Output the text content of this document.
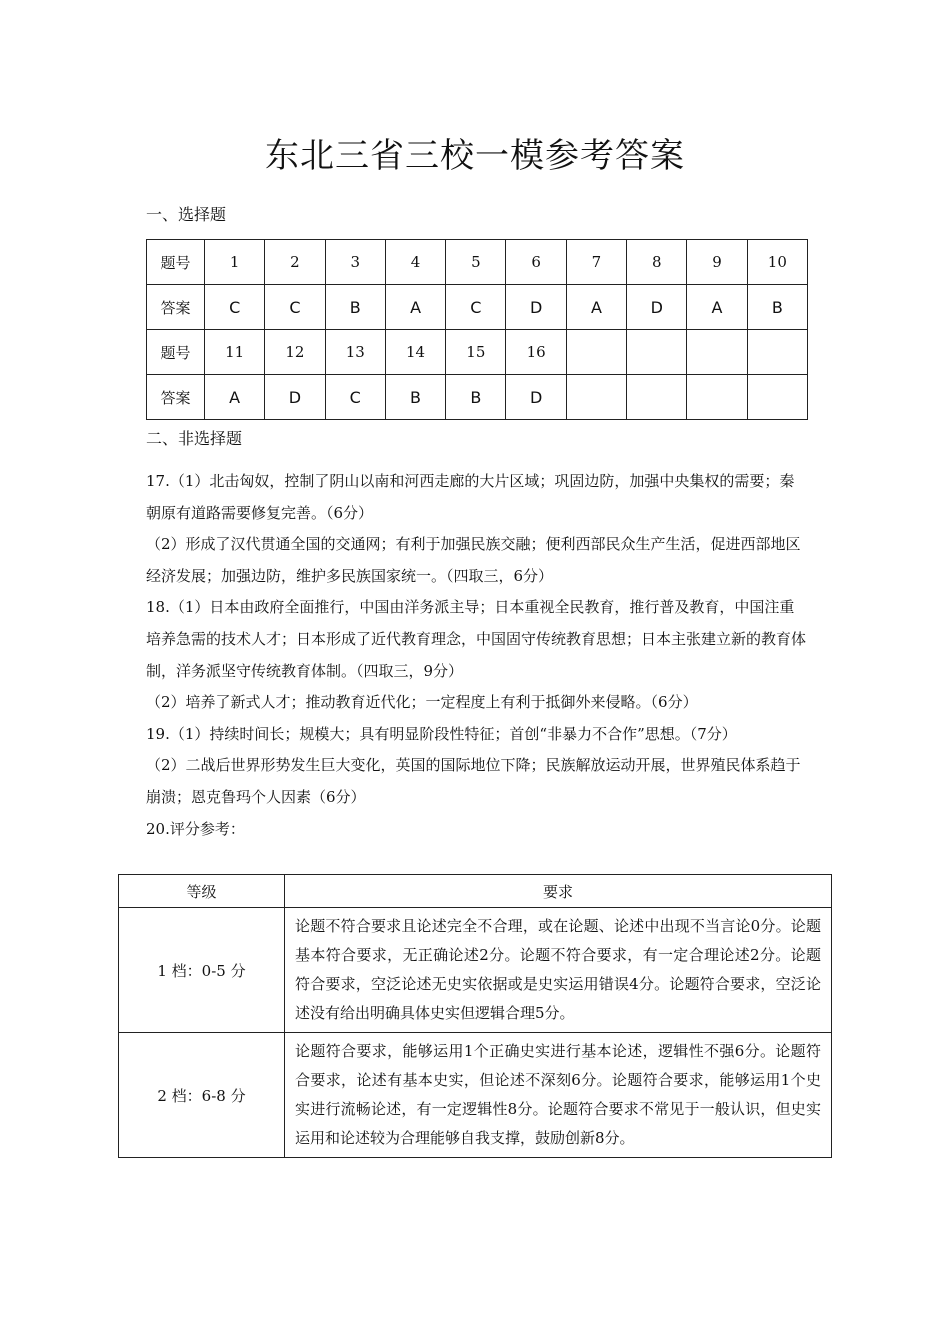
东北三省三校一模参考答案
一、选择题
题号	1	2	3	4	5	6	7	8	9	10
答案	C	C	B	A	C	D	A	D	A	B
题号	11	12	13	14	15	16				
答案	A	D	C	B	B	D				
二、非选择题

17.（1）北击匈奴，控制了阴山以南和河西走廊的大片区域；巩固边防，加强中央集权的需要；秦朝原有道路需要修复完善。（6分）

（2）形成了汉代贯通全国的交通网；有利于加强民族交融；便利西部民众生产生活，促进西部地区经济发展；加强边防，维护多民族国家统一。（四取三，6分）

18.（1）日本由政府全面推行，中国由洋务派主导；日本重视全民教育，推行普及教育，中国注重培养急需的技术人才；日本形成了近代教育理念，中国固守传统教育思想；日本主张建立新的教育体制，洋务派坚守传统教育体制。（四取三，9分）

（2）培养了新式人才；推动教育近代化；一定程度上有利于抵御外来侵略。（6分）

19.（1）持续时间长；规模大；具有明显阶段性特征；首创“非暴力不合作”思想。（7分）

（2）二战后世界形势发生巨大变化，英国的国际地位下降；民族解放运动开展，世界殖民体系趋于崩溃；恩克鲁玛个人因素（6分）

20.评分参考：

等级	要求
1 档：0-5 分	论题不符合要求且论述完全不合理，或在论题、论述中出现不当言论0分。论题基本符合要求，无正确论述2分。论题不符合要求，有一定合理论述2分。论题符合要求，空泛论述无史实依据或是史实运用错误4分。论题符合要求，空泛论述没有给出明确具体史实但逻辑合理5分。
2 档：6-8 分	论题符合要求，能够运用1个正确史实进行基本论述，逻辑性不强6分。论题符合要求，论述有基本史实，但论述不深刻6分。论题符合要求，能够运用1个史实进行流畅论述，有一定逻辑性8分。论题符合要求不常见于一般认识，但史实运用和论述较为合理能够自我支撑，鼓励创新8分。
